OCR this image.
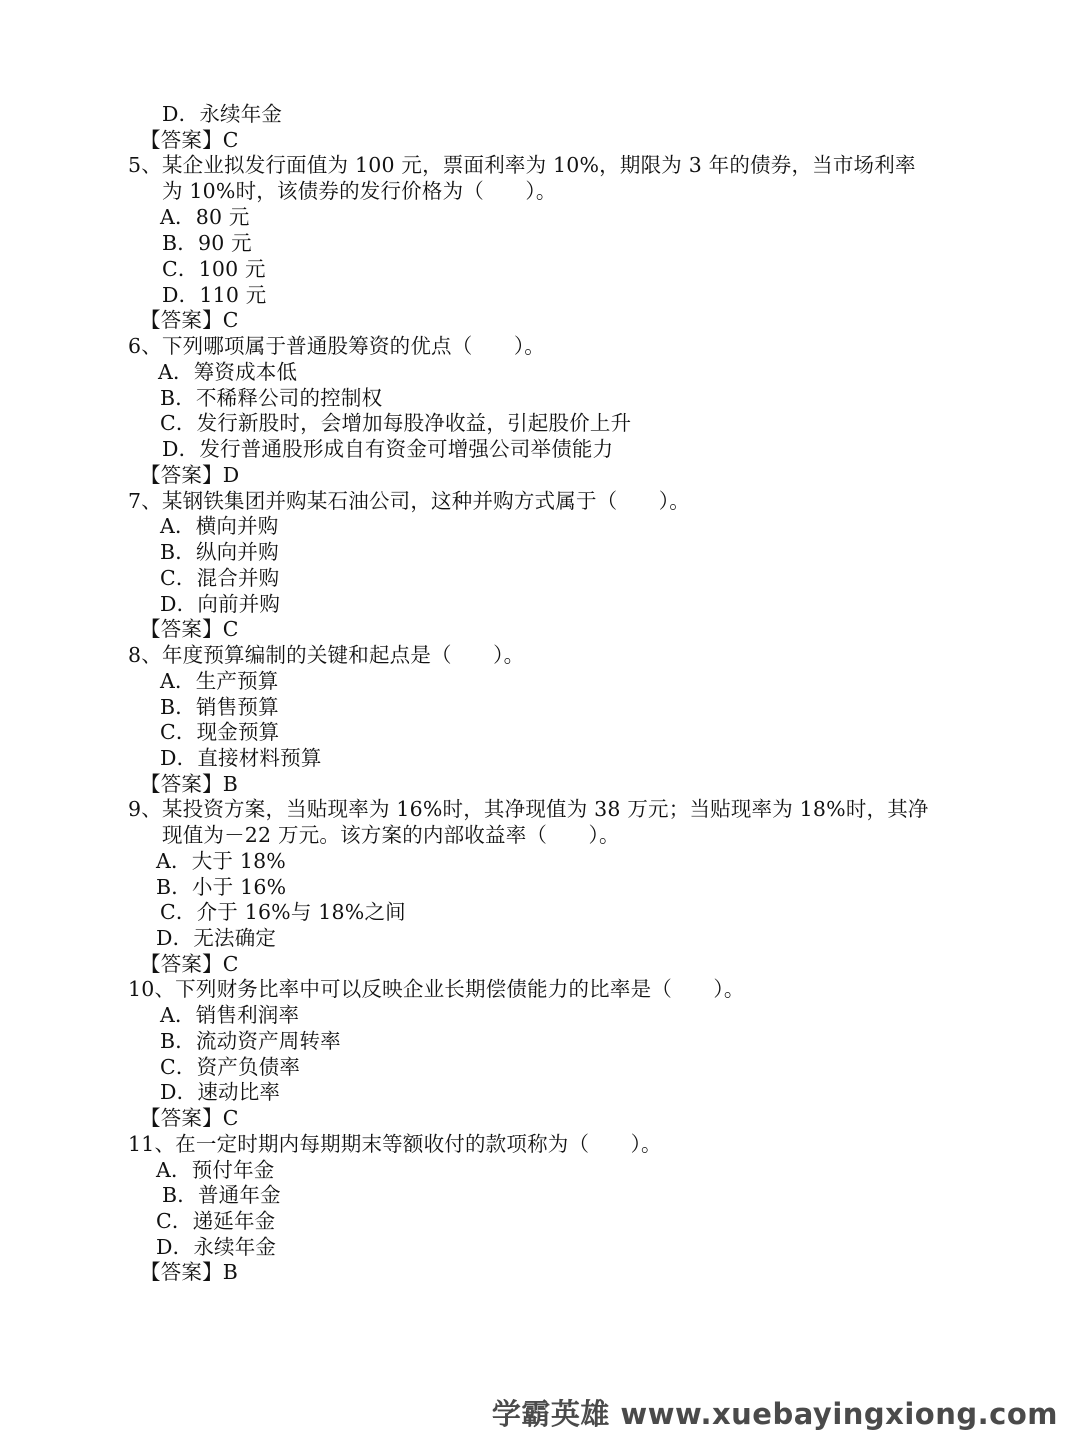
D．永续年金
【答案】C
5、某企业拟发行面值为 100 元，票面利率为 10%，期限为 3 年的债券，当市场利率
为 10%时，该债券的发行价格为（　　）。
A．80 元
B．90 元
C．100 元
D．110 元
【答案】C
6、下列哪项属于普通股筹资的优点（　　）。
A．筹资成本低
B．不稀释公司的控制权
C．发行新股时，会增加每股净收益，引起股价上升
D．发行普通股形成自有资金可增强公司举债能力
【答案】D
7、某钢铁集团并购某石油公司，这种并购方式属于（　　）。
A．横向并购
B．纵向并购
C．混合并购
D．向前并购
【答案】C
8、年度预算编制的关键和起点是（　　）。
A．生产预算
B．销售预算
C．现金预算
D．直接材料预算
【答案】B
9、某投资方案，当贴现率为 16%时，其净现值为 38 万元；当贴现率为 18%时，其净
现值为－22 万元。该方案的内部收益率（　　）。
A．大于 18%
B．小于 16%
C．介于 16%与 18%之间
D．无法确定
【答案】C
10、下列财务比率中可以反映企业长期偿债能力的比率是（　　）。
A．销售利润率
B．流动资产周转率
C．资产负债率
D．速动比率
【答案】C
11、在一定时期内每期期末等额收付的款项称为（　　）。
A．预付年金
B．普通年金
C．递延年金
D．永续年金
【答案】B
学霸英雄 www.xuebayingxiong.com
